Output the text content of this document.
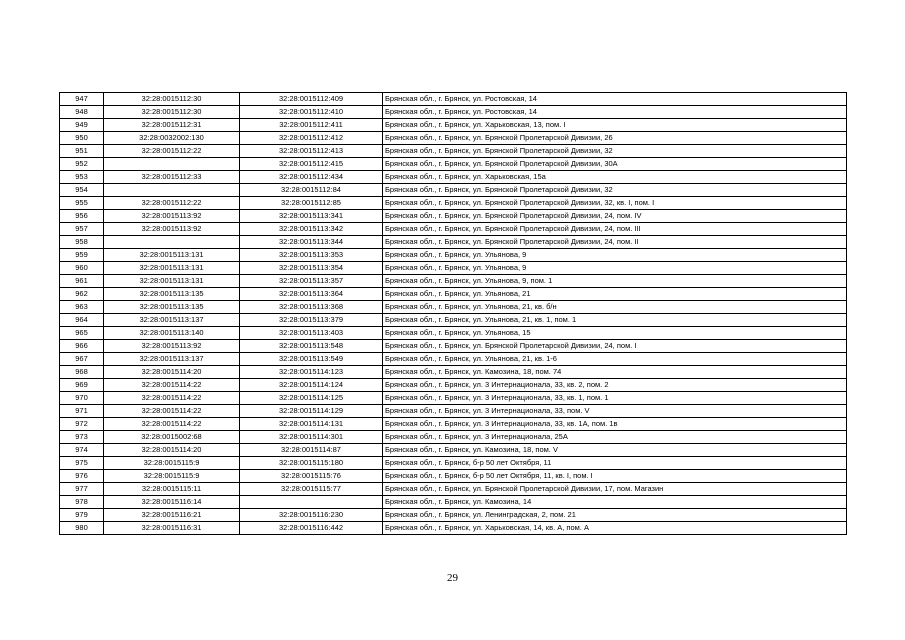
947	32:28:0015112:30	32:28:0015112:409	Брянская обл., г. Брянск, ул. Ростовская, 14
948	32:28:0015112:30	32:28:0015112:410	Брянская обл., г. Брянск, ул. Ростовская, 14
949	32:28:0015112:31	32:28:0015112:411	Брянская обл., г. Брянск, ул. Харьковская, 13, пом. I
950	32:28:0032002:130	32:28:0015112:412	Брянская обл., г. Брянск, ул. Брянской Пролетарской Дивизии, 26
951	32:28:0015112:22	32:28:0015112:413	Брянская обл., г. Брянск, ул. Брянской Пролетарской Дивизии, 32
952		32:28:0015112:415	Брянская обл., г. Брянск, ул. Брянской Пролетарской Дивизии, 30А
953	32:28:0015112:33	32:28:0015112:434	Брянская обл., г. Брянск, ул. Харьковская, 15а
954		32:28:0015112:84	Брянская обл., г. Брянск, ул. Брянской Пролетарской Дивизии, 32
955	32:28:0015112:22	32:28:0015112:85	Брянская обл., г. Брянск, ул. Брянской Пролетарской Дивизии, 32, кв. I, пом. I
956	32:28:0015113:92	32:28:0015113:341	Брянская обл., г. Брянск, ул. Брянской Пролетарской Дивизии, 24, пом. IV
957	32:28:0015113:92	32:28:0015113:342	Брянская обл., г. Брянск, ул. Брянской Пролетарской Дивизии, 24, пом. III
958		32:28:0015113:344	Брянская обл., г. Брянск, ул. Брянской Пролетарской Дивизии, 24, пом. II
959	32:28:0015113:131	32:28:0015113:353	Брянская обл., г. Брянск, ул. Ульянова, 9
960	32:28:0015113:131	32:28:0015113:354	Брянская обл., г. Брянск, ул. Ульянова, 9
961	32:28:0015113:131	32:28:0015113:357	Брянская обл., г. Брянск, ул. Ульянова, 9, пом. 1
962	32:28:0015113:135	32:28:0015113:364	Брянская обл., г. Брянск, ул. Ульянова, 21
963	32:28:0015113:135	32:28:0015113:368	Брянская обл., г. Брянск, ул. Ульянова, 21, кв. б/н
964	32:28:0015113:137	32:28:0015113:379	Брянская обл., г. Брянск, ул. Ульянова, 21, кв. 1, пом. 1
965	32:28:0015113:140	32:28:0015113:403	Брянская обл., г. Брянск, ул. Ульянова, 15
966	32:28:0015113:92	32:28:0015113:548	Брянская обл., г. Брянск, ул. Брянской Пролетарской Дивизии, 24, пом. I
967	32:28:0015113:137	32:28:0015113:549	Брянская обл., г. Брянск, ул. Ульянова, 21, кв. 1-6
968	32:28:0015114:20	32:28:0015114:123	Брянская обл., г. Брянск, ул. Камозина, 18, пом. 74
969	32:28:0015114:22	32:28:0015114:124	Брянская обл., г. Брянск, ул. 3 Интернационала, 33, кв. 2, пом. 2
970	32:28:0015114:22	32:28:0015114:125	Брянская обл., г. Брянск, ул. 3 Интернационала, 33, кв. 1, пом. 1
971	32:28:0015114:22	32:28:0015114:129	Брянская обл., г. Брянск, ул. 3 Интернационала, 33, пом. V
972	32:28:0015114:22	32:28:0015114:131	Брянская обл., г. Брянск, ул. 3 Интернационала, 33, кв. 1А, пом. 1в
973	32:28:0015002:68	32:28:0015114:301	Брянская обл., г. Брянск, ул. 3 Интернационала, 25А
974	32:28:0015114:20	32:28:0015114:87	Брянская обл., г. Брянск, ул. Камозина, 18, пом. V
975	32:28:0015115:9	32:28:0015115:180	Брянская обл., г. Брянск, б-р 50 лет Октября, 11
976	32:28:0015115:9	32:28:0015115:76	Брянская обл., г. Брянск, б-р 50 лет Октября, 11, кв. I, пом. I
977	32:28:0015115:11	32:28:0015115:77	Брянская обл., г. Брянск, ул. Брянской Пролетарской Дивизии, 17, пом. Магазин
978	32:28:0015116:14		Брянская обл., г. Брянск, ул. Камозина, 14
979	32:28:0015116:21	32:28:0015116:230	Брянская обл., г. Брянск, ул. Ленинградская, 2, пом. 21
980	32:28:0015116:31	32:28:0015116:442	Брянская обл., г. Брянск, ул. Харьковская, 14, кв. А, пом. А
29
